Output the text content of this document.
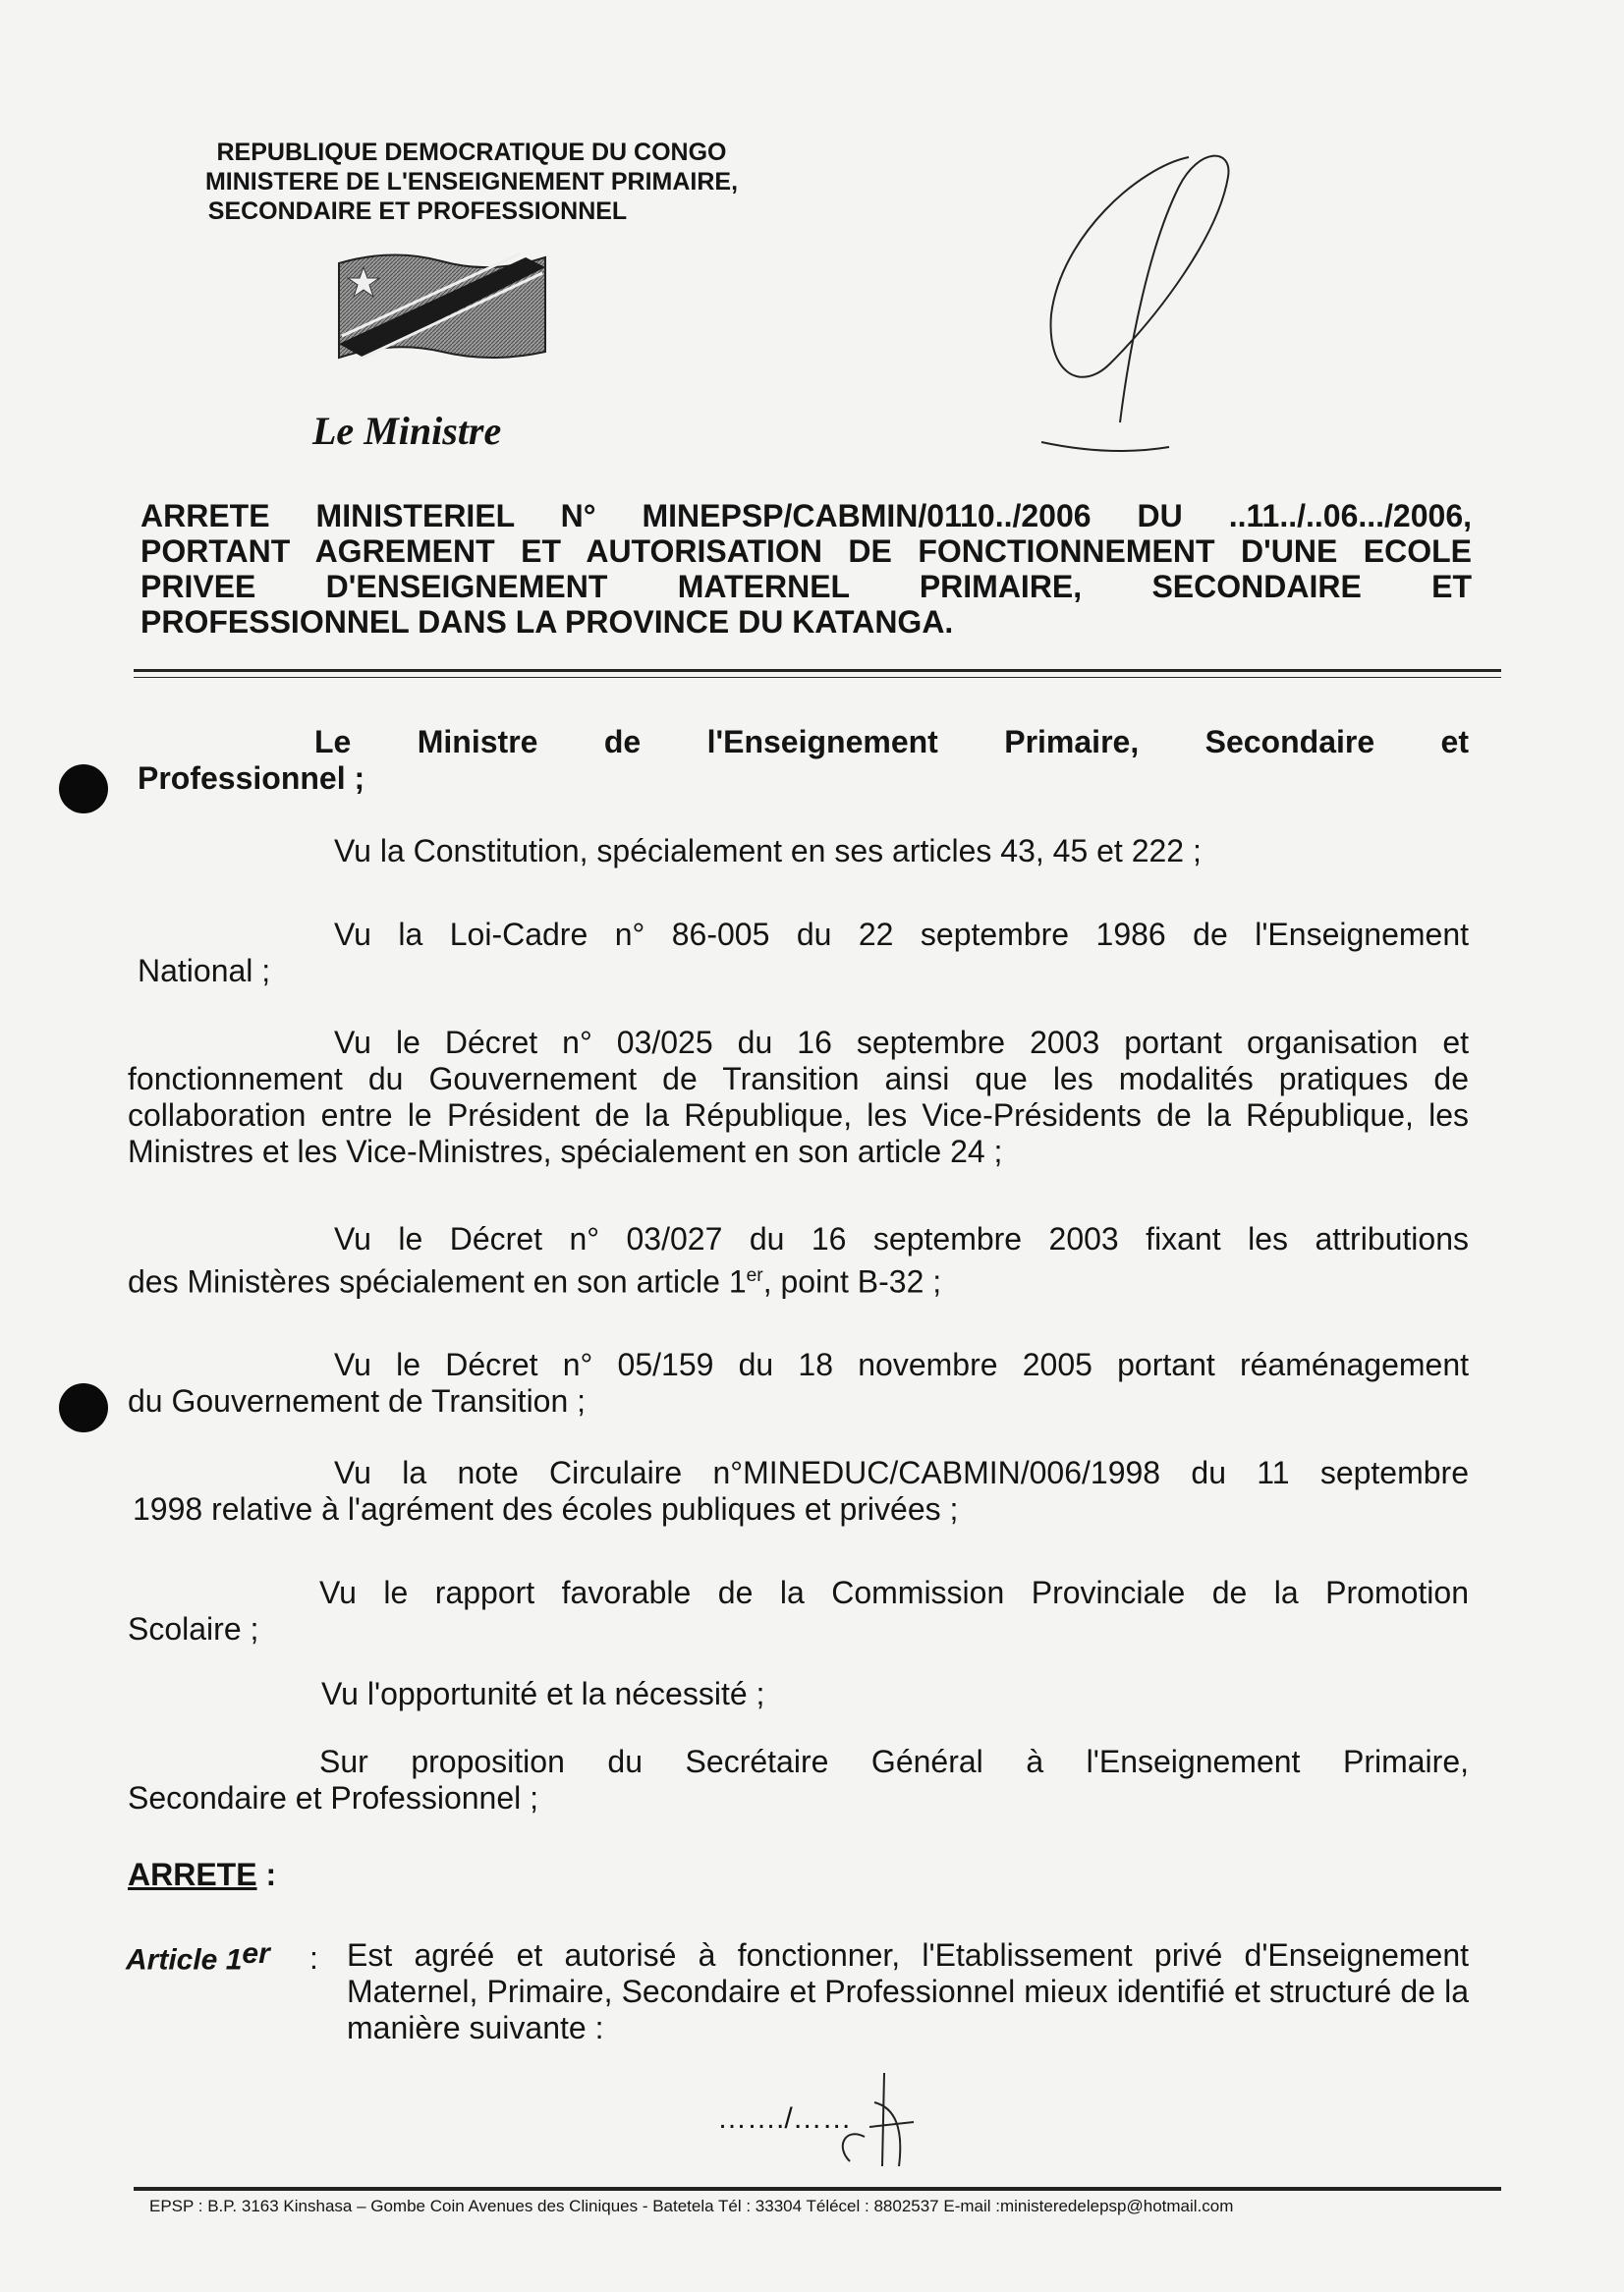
REPUBLIQUE DEMOCRATIQUE DU CONGO
MINISTERE DE L'ENSEIGNEMENT PRIMAIRE,
SECONDAIRE ET PROFESSIONNEL
Le Ministre
ARRETE MINISTERIEL N° MINEPSP/CABMIN/0110../2006 DU ..11../..06.../2006,
PORTANT AGREMENT ET AUTORISATION DE FONCTIONNEMENT D'UNE ECOLE
PRIVEE D'ENSEIGNEMENT MATERNEL PRIMAIRE, SECONDAIRE ET
PROFESSIONNEL DANS LA PROVINCE DU KATANGA.
Le Ministre de l'Enseignement Primaire, Secondaire et
Professionnel ;
Vu la Constitution, spécialement en ses articles 43, 45 et 222 ;
Vu la Loi-Cadre n° 86-005 du 22 septembre 1986 de l'Enseignement
National ;
Vu le Décret n° 03/025 du 16 septembre 2003 portant organisation et
fonctionnement du Gouvernement de Transition ainsi que les modalités pratiques de collaboration entre le Président de la République, les Vice-Présidents de la République, les Ministres et les Vice-Ministres, spécialement en son article 24 ;
Vu le Décret n° 03/027 du 16 septembre 2003 fixant les attributions
des Ministères spécialement en son article 1er, point B-32 ;
Vu le Décret n° 05/159 du 18 novembre 2005 portant réaménagement
du Gouvernement de Transition ;
Vu la note Circulaire n°MINEDUC/CABMIN/006/1998 du 11 septembre
1998 relative à l'agrément des écoles publiques et privées ;
Vu le rapport favorable de la Commission Provinciale de la Promotion
Scolaire ;
Vu l'opportunité et la nécessité ;
Sur proposition du Secrétaire Général à l'Enseignement Primaire,
Secondaire et Professionnel ;
ARRETE :
Article 1er : Est agréé et autorisé à fonctionner, l'Etablissement privé d'Enseignement Maternel, Primaire, Secondaire et Professionnel mieux identifié et structuré de la manière suivante :
……./……
EPSP : B.P. 3163 Kinshasa – Gombe Coin Avenues des Cliniques - Batetela Tél : 33304 Télécel : 8802537 E-mail :ministeredelepsp@hotmail.com
